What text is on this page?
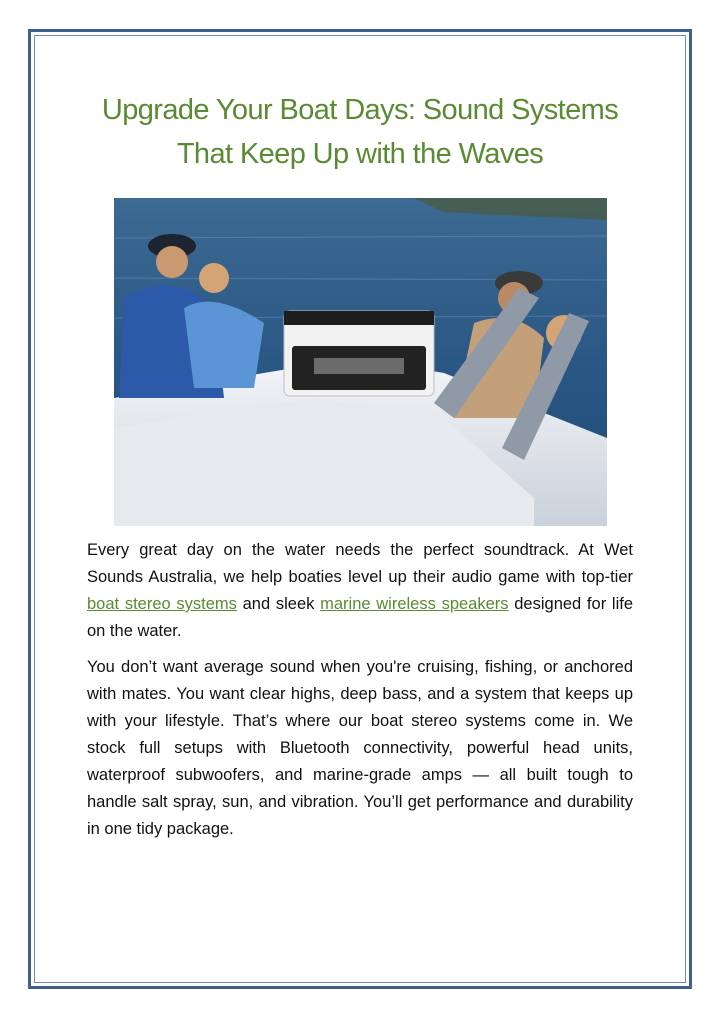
Upgrade Your Boat Days: Sound Systems
That Keep Up with the Waves

Every great day on the water needs the perfect soundtrack. At Wet Sounds Australia, we help boaties level up their audio game with top-tier boat stereo systems and sleek marine wireless speakers designed for life on the water.

You don’t want average sound when you're cruising, fishing, or anchored with mates. You want clear highs, deep bass, and a system that keeps up with your lifestyle. That’s where our boat stereo systems come in. We stock full setups with Bluetooth connectivity, powerful head units, waterproof subwoofers, and marine-grade amps — all built tough to handle salt spray, sun, and vibration. You’ll get performance and durability in one tidy package.
